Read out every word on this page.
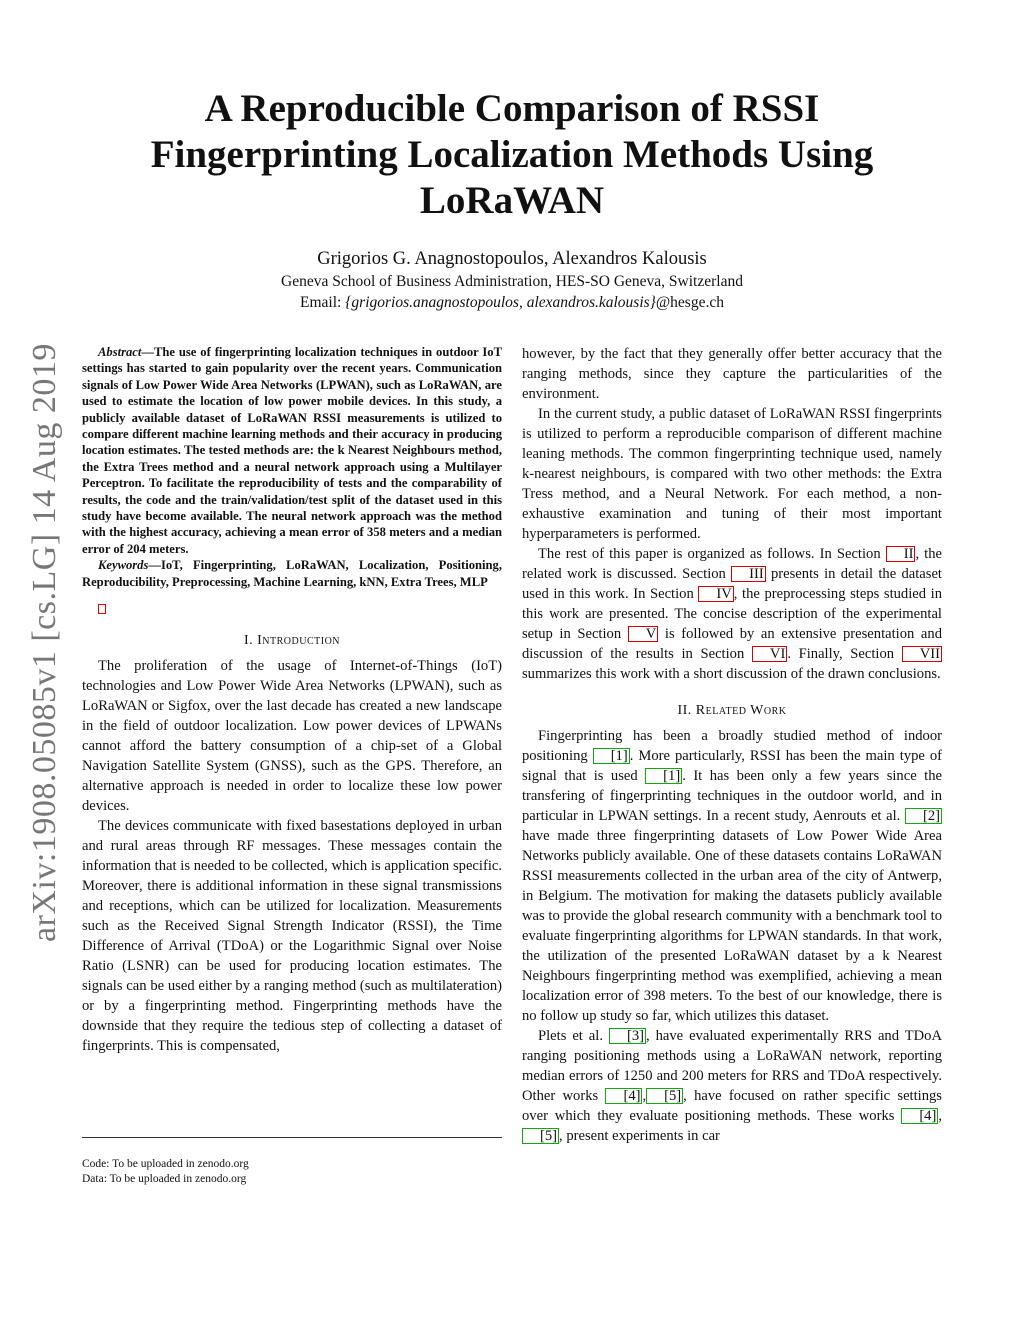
A Reproducible Comparison of RSSI Fingerprinting Localization Methods Using LoRaWAN
Grigorios G. Anagnostopoulos, Alexandros Kalousis
Geneva School of Business Administration, HES-SO Geneva, Switzerland
Email: {grigorios.anagnostopoulos, alexandros.kalousis}@hesge.ch
arXiv:1908.05085v1 [cs.LG] 14 Aug 2019	Abstract—The use of fingerprinting localization techniques in outdoor IoT settings has started to gain popularity over the recent years. Communication signals of Low Power Wide Area Networks (LPWAN), such as LoRaWAN, are used to estimate the location of low power mobile devices. In this study, a publicly available dataset of LoRaWAN RSSI measurements is utilized to compare different machine learning methods and their accuracy in producing location estimates. The tested methods are: the k Nearest Neighbours method, the Extra Trees method and a neural network approach using a Multilayer Perceptron. To facilitate the reproducibility of tests and the comparability of results, the code and the train/validation/test split of the dataset used in this study have become available. The neural network approach was the method with the highest accuracy, achieving a mean error of 358 meters and a median error of 204 meters.

Keywords—IoT, Fingerprinting, LoRaWAN, Localization, Positioning, Reproducibility, Preprocessing, Machine Learning, kNN, Extra Trees, MLP

I. Introduction

The proliferation of the usage of Internet-of-Things (IoT) technologies and Low Power Wide Area Networks (LPWAN), such as LoRaWAN or Sigfox, over the last decade has created a new landscape in the field of outdoor localization. Low power devices of LPWANs cannot afford the battery consumption of a chip-set of a Global Navigation Satellite System (GNSS), such as the GPS. Therefore, an alternative approach is needed in order to localize these low power devices.

The devices communicate with fixed basestations deployed in urban and rural areas through RF messages. These messages contain the information that is needed to be collected, which is application specific. Moreover, there is additional information in these signal transmissions and receptions, which can be utilized for localization. Measurements such as the Received Signal Strength Indicator (RSSI), the Time Difference of Arrival (TDoA) or the Logarithmic Signal over Noise Ratio (LSNR) can be used for producing location estimates. The signals can be used either by a ranging method (such as multilateration) or by a fingerprinting method. Fingerprinting methods have the downside that they require the tedious step of collecting a dataset of fingerprints. This is compensated,

however, by the fact that they generally offer better accuracy that the ranging methods, since they capture the particularities of the environment.

In the current study, a public dataset of LoRaWAN RSSI fingerprints is utilized to perform a reproducible comparison of different machine leaning methods. The common fingerprinting technique used, namely k-nearest neighbours, is compared with two other methods: the Extra Tress method, and a Neural Network. For each method, a non-exhaustive examination and tuning of their most important hyperparameters is performed.

The rest of this paper is organized as follows. In Section II , the related work is discussed. Section III presents in detail the dataset used in this work. In Section IV , the preprocessing steps studied in this work are presented. The concise description of the experimental setup in Section V is followed by an extensive presentation and discussion of the results in Section VI . Finally, Section VII summarizes this work with a short discussion of the drawn conclusions.

II. Related Work

Fingerprinting has been a broadly studied method of indoor positioning [1] . More particularly, RSSI has been the main type of signal that is used [1] . It has been only a few years since the transfering of fingerprinting techniques in the outdoor world, and in particular in LPWAN settings. In a recent study, Aenrouts et al. [2] have made three fingerprinting datasets of Low Power Wide Area Networks publicly available. One of these datasets contains LoRaWAN RSSI measurements collected in the urban area of the city of Antwerp, in Belgium. The motivation for making the datasets publicly available was to provide the global research community with a benchmark tool to evaluate fingerprinting algorithms for LPWAN standards. In that work, the utilization of the presented LoRaWAN dataset by a k Nearest Neighbours fingerprinting method was exemplified, achieving a mean localization error of 398 meters. To the best of our knowledge, there is no follow up study so far, which utilizes this dataset.

Plets et al. [3] , have evaluated experimentally RRS and TDoA ranging positioning methods using a LoRaWAN network, reporting median errors of 1250 and 200 meters for RRS and TDoA respectively. Other works [4] , [5] , have focused on rather specific settings over which they evaluate positioning methods. These works [4] ,[5] , present experiments in car

Code: To be uploaded in zenodo.org
Data: To be uploaded in zenodo.org
